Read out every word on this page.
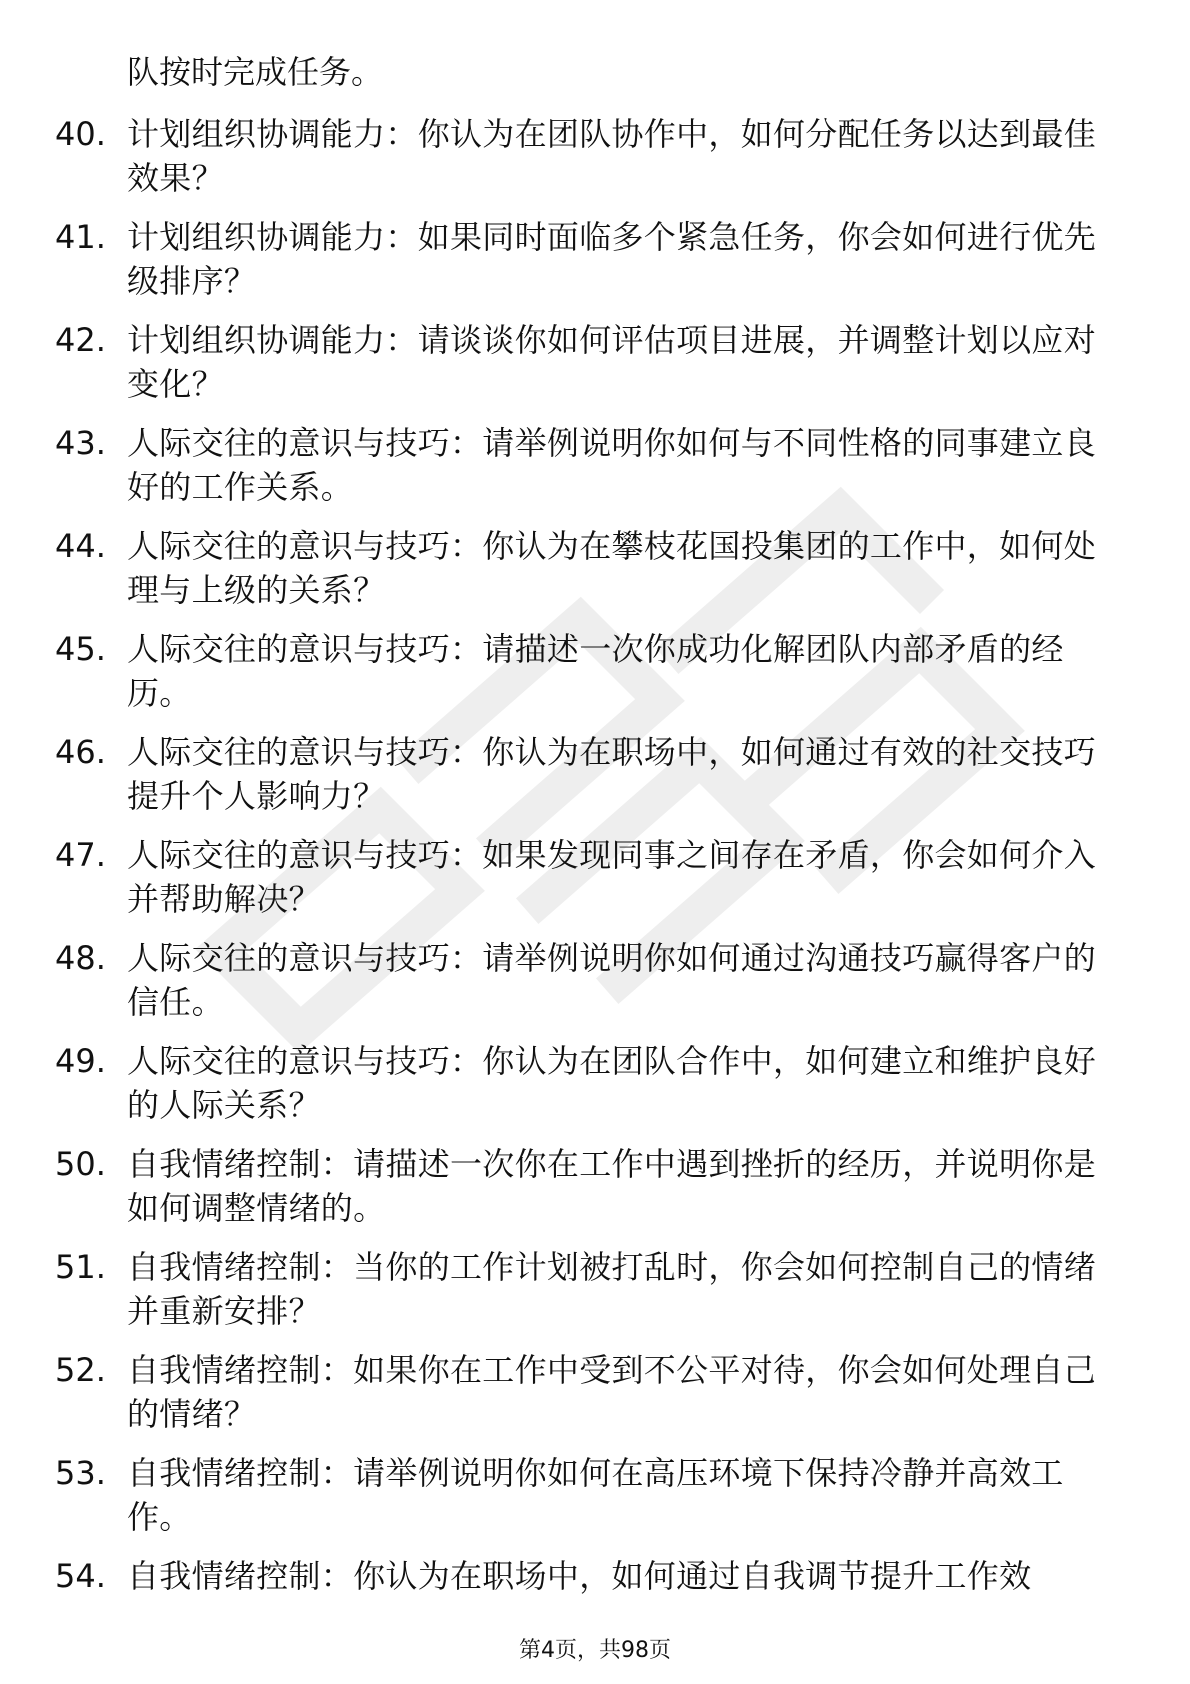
队按时完成任务。
40. 计划组织协调能力：你认为在团队协作中，如何分配任务以达到最佳效果？
41. 计划组织协调能力：如果同时面临多个紧急任务，你会如何进行优先级排序？
42. 计划组织协调能力：请谈谈你如何评估项目进展，并调整计划以应对变化？
43. 人际交往的意识与技巧：请举例说明你如何与不同性格的同事建立良好的工作关系。
44. 人际交往的意识与技巧：你认为在攀枝花国投集团的工作中，如何处理与上级的关系？
45. 人际交往的意识与技巧：请描述一次你成功化解团队内部矛盾的经历。
46. 人际交往的意识与技巧：你认为在职场中，如何通过有效的社交技巧提升个人影响力？
47. 人际交往的意识与技巧：如果发现同事之间存在矛盾，你会如何介入并帮助解决？
48. 人际交往的意识与技巧：请举例说明你如何通过沟通技巧赢得客户的信任。
49. 人际交往的意识与技巧：你认为在团队合作中，如何建立和维护良好的人际关系？
50. 自我情绪控制：请描述一次你在工作中遇到挫折的经历，并说明你是如何调整情绪的。
51. 自我情绪控制：当你的工作计划被打乱时，你会如何控制自己的情绪并重新安排？
52. 自我情绪控制：如果你在工作中受到不公平对待，你会如何处理自己的情绪？
53. 自我情绪控制：请举例说明你如何在高压环境下保持冷静并高效工作。
54. 自我情绪控制：你认为在职场中，如何通过自我调节提升工作效
第4页，共98页
